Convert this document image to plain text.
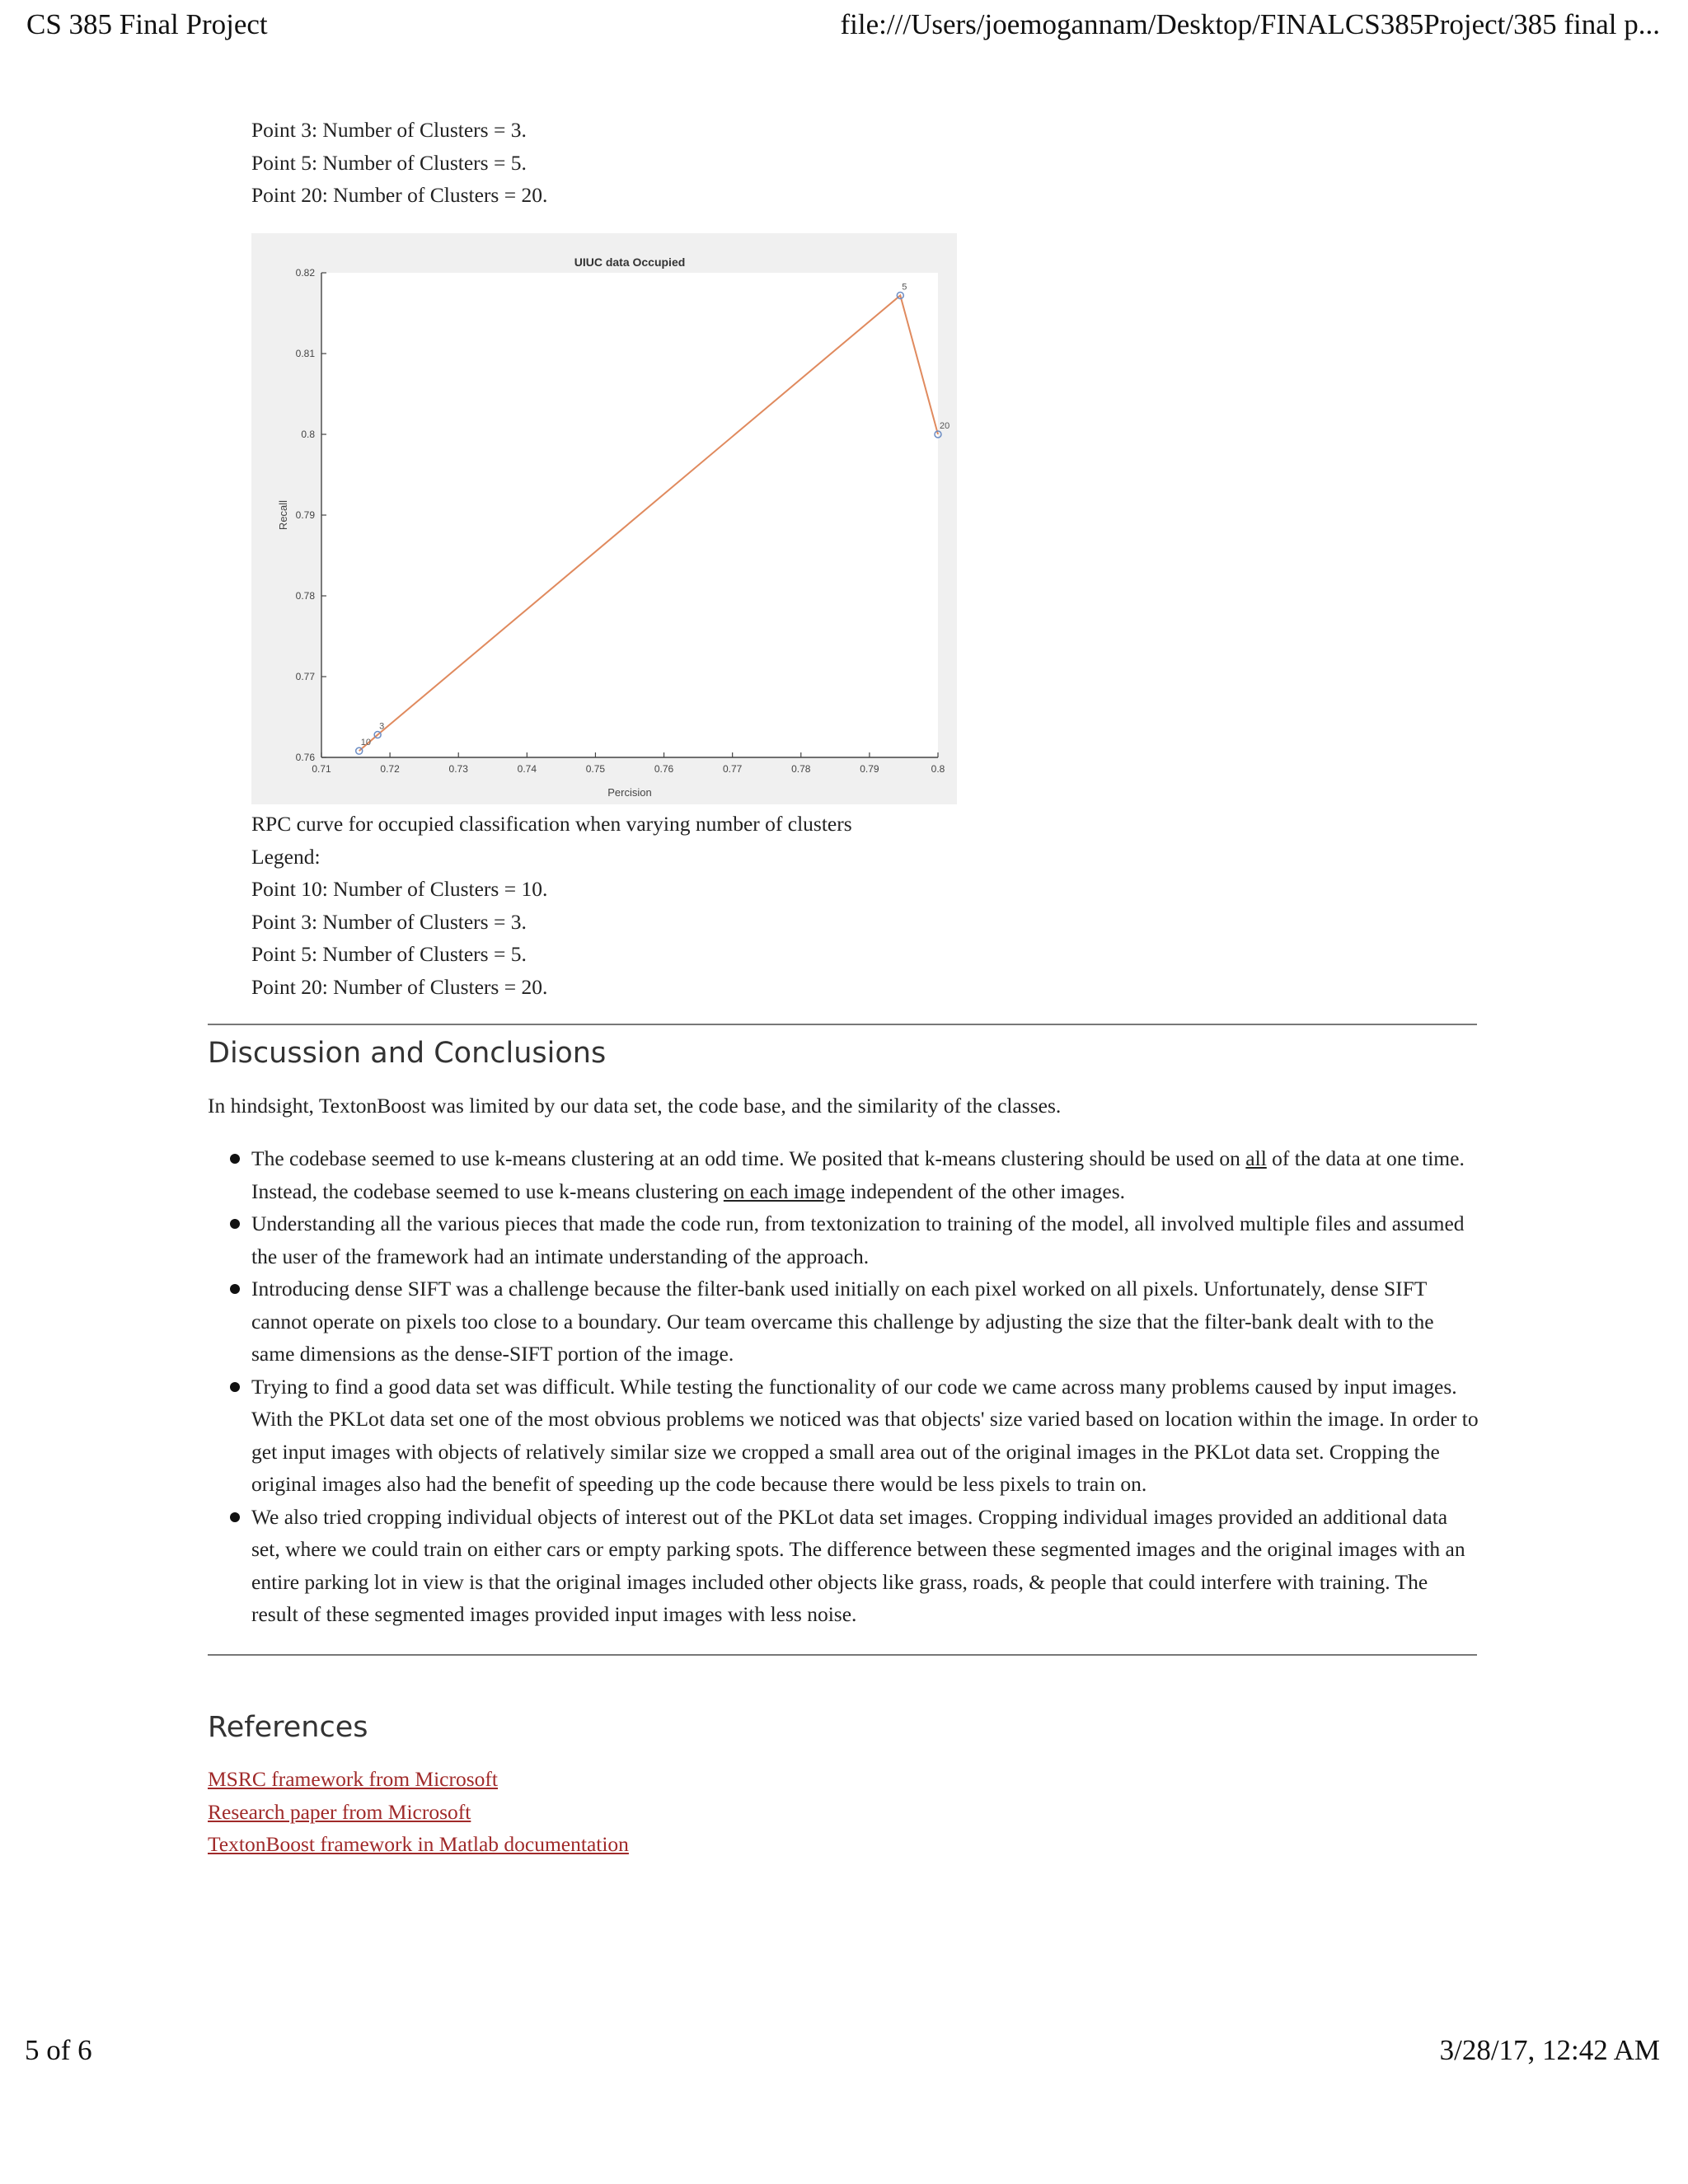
CS 385 Final Project	file:///Users/joemogannam/Desktop/FINALCS385Project/385 final p...

Point 3: Number of Clusters = 3.

Point 5: Number of Clusters = 5.

Point 20: Number of Clusters = 20.

UIUC data Occupied
Percision
Recall
0.71	0.72	0.73	0.74	0.75	0.76	0.77	0.78	0.79	0.8
0.76
0.77
0.78
0.79
0.8
0.81
0.82
10
3
5
20

RPC curve for occupied classification when varying number of clusters

Legend:

Point 10: Number of Clusters = 10.

Point 3: Number of Clusters = 3.

Point 5: Number of Clusters = 5.

Point 20: Number of Clusters = 20.

Discussion and Conclusions

In hindsight, TextonBoost was limited by our data set, the code base, and the similarity of the classes.

The codebase seemed to use k-means clustering at an odd time. We posited that k-means clustering should be used on all of the data at one time. Instead, the codebase seemed to use k-means clustering on each image independent of the other images.
Understanding all the various pieces that made the code run, from textonization to training of the model, all involved multiple files and assumed the user of the framework had an intimate understanding of the approach.
Introducing dense SIFT was a challenge because the filter-bank used initially on each pixel worked on all pixels. Unfortunately, dense SIFT cannot operate on pixels too close to a boundary. Our team overcame this challenge by adjusting the size that the filter-bank dealt with to the same dimensions as the dense-SIFT portion of the image.
Trying to find a good data set was difficult. While testing the functionality of our code we came across many problems caused by input images. With the PKLot data set one of the most obvious problems we noticed was that objects' size varied based on location within the image. In order to get input images with objects of relatively similar size we cropped a small area out of the original images in the PKLot data set. Cropping the original images also had the benefit of speeding up the code because there would be less pixels to train on.
We also tried cropping individual objects of interest out of the PKLot data set images. Cropping individual images provided an additional data set, where we could train on either cars or empty parking spots. The difference between these segmented images and the original images with an entire parking lot in view is that the original images included other objects like grass, roads, & people that could interfere with training. The result of these segmented images provided input images with less noise.
References
MSRC framework from Microsoft
Research paper from Microsoft
TextonBoost framework in Matlab documentation
5 of 6	3/28/17, 12:42 AM
